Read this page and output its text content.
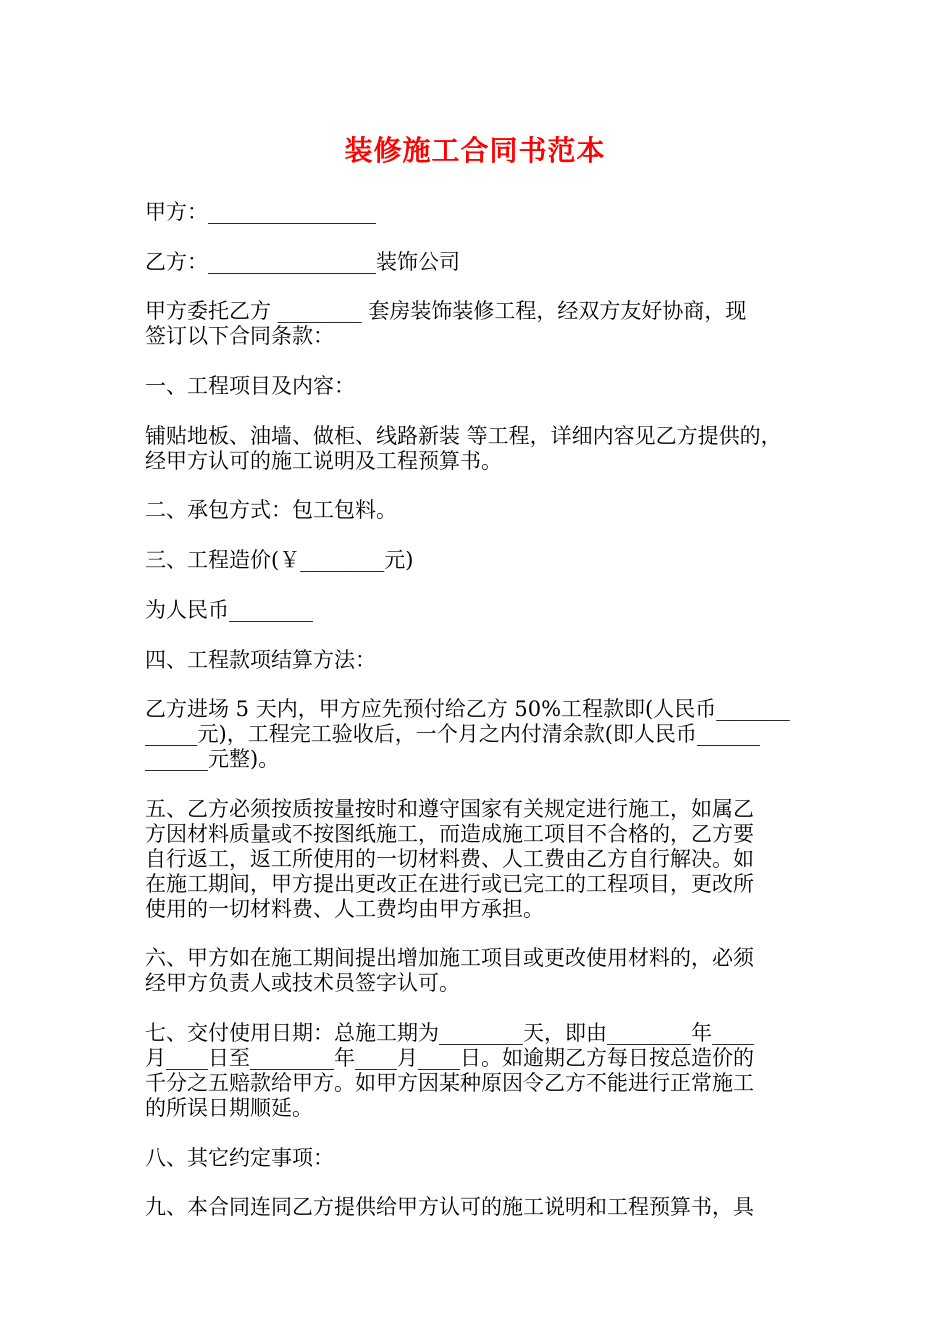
装修施工合同书范本

甲方：________________

乙方：________________装饰公司

甲方委托乙方 ________ 套房装饰装修工程，经双方友好协商，现
签订以下合同条款：

一、工程项目及内容：

铺贴地板、油墙、做柜、线路新装 等工程，详细内容见乙方提供的，
经甲方认可的施工说明及工程预算书。

二、承包方式：包工包料。

三、工程造价(￥________元)

为人民币________

四、工程款项结算方法：

乙方进场 5 天内，甲方应先预付给乙方 50%工程款即(人民币_______
_____元)，工程完工验收后，一个月之内付清余款(即人民币______
______元整)。

五、乙方必须按质按量按时和遵守国家有关规定进行施工，如属乙
方因材料质量或不按图纸施工，而造成施工项目不合格的，乙方要
自行返工，返工所使用的一切材料费、人工费由乙方自行解决。如
在施工期间，甲方提出更改正在进行或已完工的工程项目，更改所
使用的一切材料费、人工费均由甲方承担。

六、甲方如在施工期间提出增加施工项目或更改使用材料的，必须
经甲方负责人或技术员签字认可。

七、交付使用日期：总施工期为________天，即由________年____
月____日至________年____月____日。如逾期乙方每日按总造价的
千分之五赔款给甲方。如甲方因某种原因令乙方不能进行正常施工
的所误日期顺延。

八、其它约定事项：

九、本合同连同乙方提供给甲方认可的施工说明和工程预算书，具
